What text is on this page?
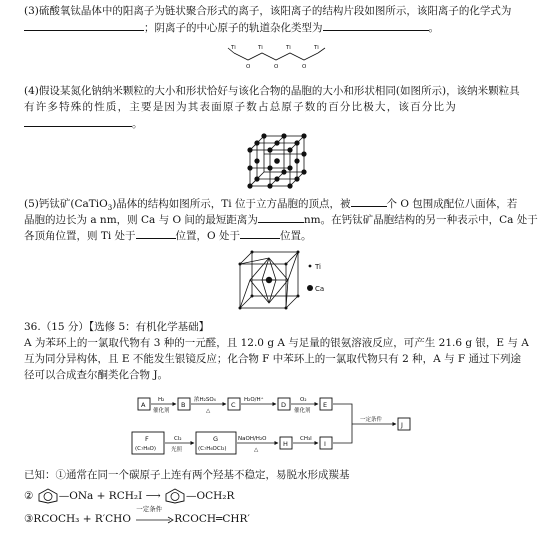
(3)硫酸氧钛晶体中的阳离子为链状聚合形式的离子，该阳离子的结构片段如图所示，该阳离子的化学式为
；阴离子的中心原子的轨道杂化类型为	。
Ti
O
Ti
O
Ti
O
Ti
(4)假设某氮化钠纳米颗粒的大小和形状恰好与该化合物的晶胞的大小和形状相同(如图所示)，该纳米颗粒具
有许多特殊的性质，主要是因为其表面原子数占总原子数的百分比极大，该百分比为
。
(5)钙钛矿(CaTiO$_3$)晶体的结构如图所示，Ti 位于立方晶胞的顶点，被	个 O 包围成配位八面体，若
晶胞的边长为 a nm，则 Ca 与 O 间的最短距离为	nm。在钙钛矿晶胞结构的另一种表示中，Ca 处于
各顶角位置，则 Ti 处于	位置，O 处于	位置。
Ti
Ca
36.（15 分）【选修 5：有机化学基础】
A 为苯环上的一氯取代物有 3 种的一元醛，且 12.0 g A 与足量的银氨溶液反应，可产生 21.6 g 银，E 与 A
互为同分异构体，且 E 不能发生银镜反应；化合物 F 中苯环上的一氯取代物只有 2 种，A 与 F 通过下列途
径可以合成查尔酮类化合物 J。
A
H₂
催化剂
B
浓H₂SO₄
△
C
H₂O/H⁺
D
O₂
催化剂
E
F
(C₇H₈O)
Cl₂
光照
G
(C₇H₆OCl₂)
NaOH/H₂O
△
H
CH₃I
I
一定条件
J
已知：①通常在同一个碳原子上连有两个羟基不稳定，易脱水形成羰基
② —ONa + RCH₂I ⟶ —OCH₂R
③RCOCH₃ + R′CHO
一定条件
RCOCH═CHR′
